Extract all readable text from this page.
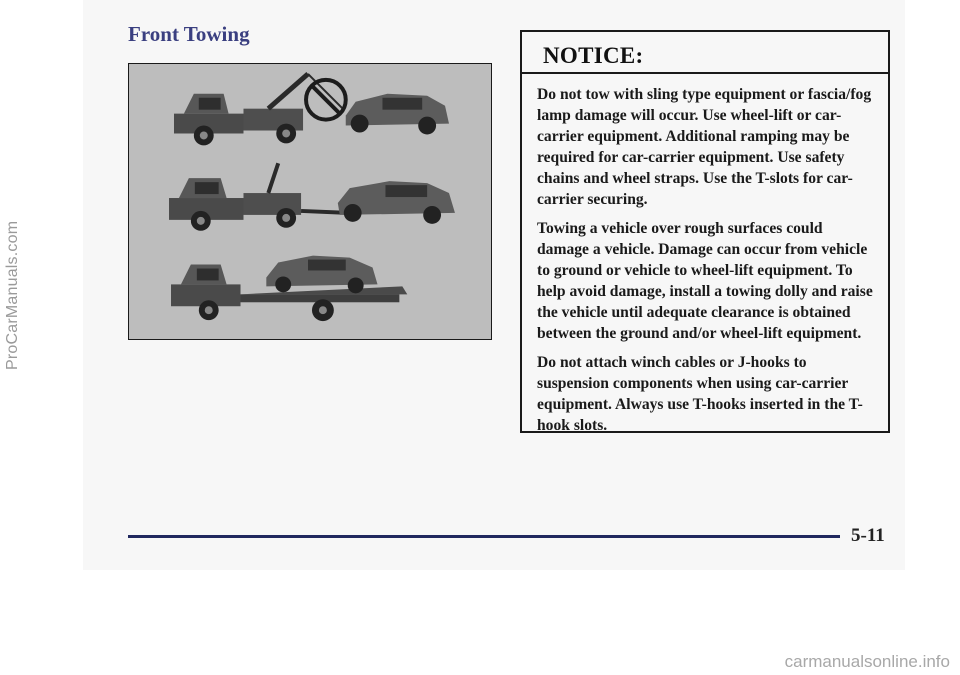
ProCarManuals.com
carmanualsonline.info
Front Towing
NOTICE:

Do not tow with sling type equipment or fascia/fog lamp damage will occur. Use wheel-lift or car-carrier equipment. Additional ramping may be required for car-carrier equipment. Use safety chains and wheel straps. Use the T-slots for car-carrier securing.

Towing a vehicle over rough surfaces could damage a vehicle. Damage can occur from vehicle to ground or vehicle to wheel-lift equipment. To help avoid damage, install a towing dolly and raise the vehicle until adequate clearance is obtained between the ground and/or wheel-lift equipment.

Do not attach winch cables or J-hooks to suspension components when using car-carrier equipment. Always use T-hooks inserted in the T-hook slots.

5-11
